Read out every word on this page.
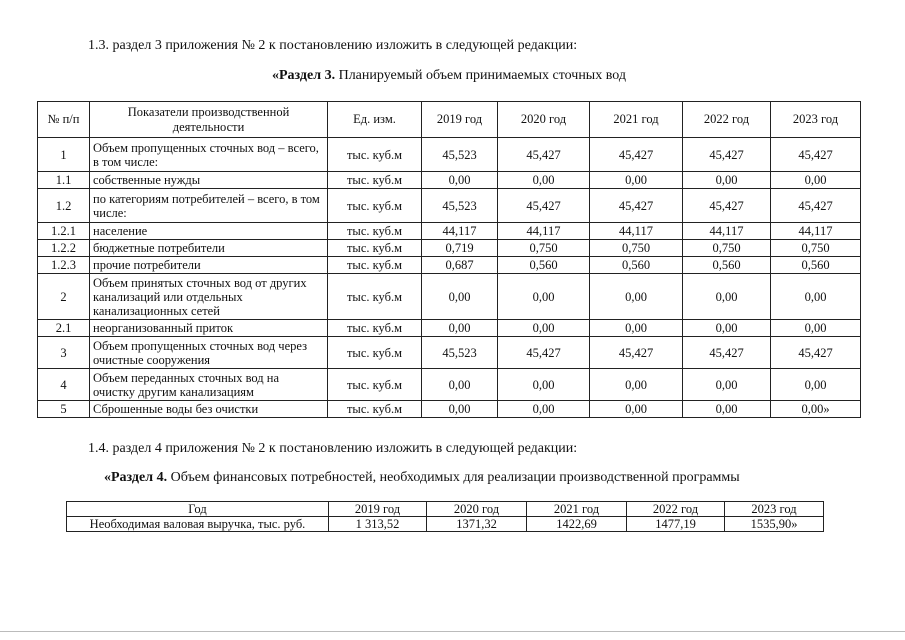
1.3. раздел 3 приложения № 2 к постановлению изложить в следующей редакции:
«Раздел 3. Планируемый объем принимаемых сточных вод
№ п/п	Показатели производственной деятельности	Ед. изм.	2019 год	2020 год	2021 год	2022 год	2023 год
1	Объем пропущенных сточных вод – всего, в том числе:	тыс. куб.м	45,523	45,427	45,427	45,427	45,427
1.1	собственные нужды	тыс. куб.м	0,00	0,00	0,00	0,00	0,00
1.2	по категориям потребителей – всего, в том числе:	тыс. куб.м	45,523	45,427	45,427	45,427	45,427
1.2.1	население	тыс. куб.м	44,117	44,117	44,117	44,117	44,117
1.2.2	бюджетные потребители	тыс. куб.м	0,719	0,750	0,750	0,750	0,750
1.2.3	прочие потребители	тыс. куб.м	0,687	0,560	0,560	0,560	0,560
2	Объем принятых сточных вод от других канализаций или отдельных канализационных сетей	тыс. куб.м	0,00	0,00	0,00	0,00	0,00
2.1	неорганизованный приток	тыс. куб.м	0,00	0,00	0,00	0,00	0,00
3	Объем пропущенных сточных вод через очистные сооружения	тыс. куб.м	45,523	45,427	45,427	45,427	45,427
4	Объем переданных сточных вод на очистку другим канализациям	тыс. куб.м	0,00	0,00	0,00	0,00	0,00
5	Сброшенные воды без очистки	тыс. куб.м	0,00	0,00	0,00	0,00	0,00»
1.4. раздел 4 приложения № 2 к постановлению изложить в следующей редакции:
«Раздел 4. Объем финансовых потребностей, необходимых для реализации производственной программы
Год	2019 год	2020 год	2021 год	2022 год	2023 год
Необходимая валовая выручка, тыс. руб.	1 313,52	1371,32	1422,69	1477,19	1535,90»
